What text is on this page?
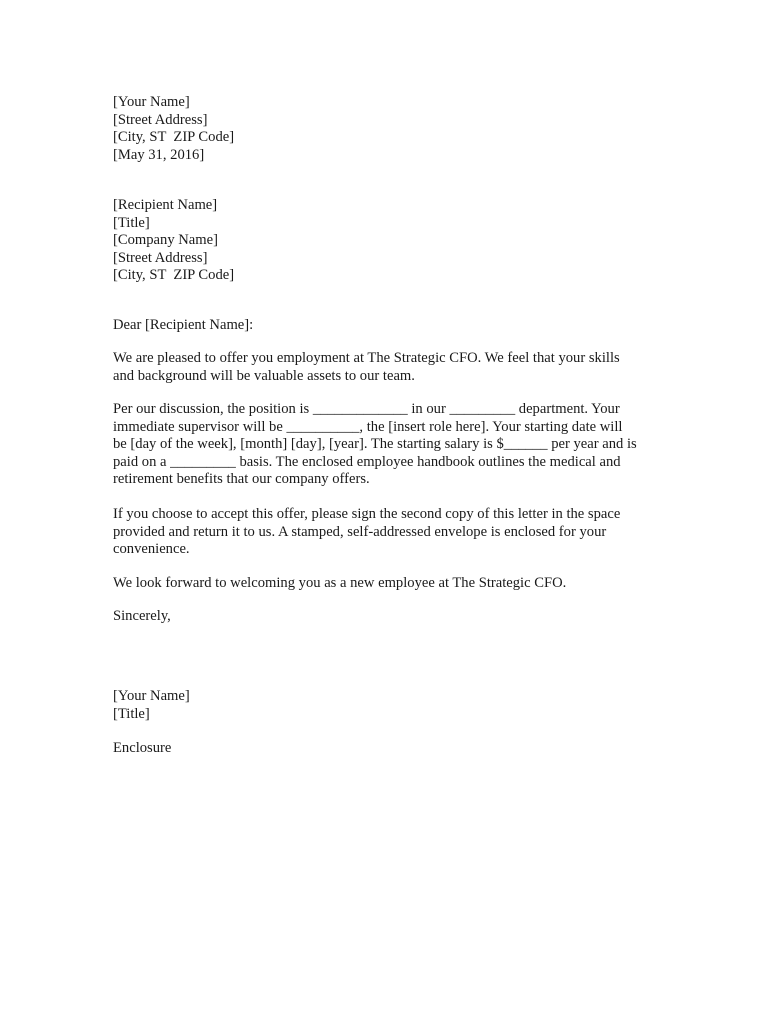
[Your Name]
[Street Address]
[City, ST  ZIP Code]
[May 31, 2016]
[Recipient Name]
[Title]
[Company Name]
[Street Address]
[City, ST  ZIP Code]

Dear [Recipient Name]:

We are pleased to offer you employment at The Strategic CFO. We feel that your skills
and background will be valuable assets to our team.

Per our discussion, the position is _____________ in our _________ department. Your
immediate supervisor will be __________, the [insert role here]. Your starting date will
be [day of the week], [month] [day], [year]. The starting salary is $______ per year and is
paid on a _________ basis. The enclosed employee handbook outlines the medical and
retirement benefits that our company offers.

If you choose to accept this offer, please sign the second copy of this letter in the space
provided and return it to us. A stamped, self-addressed envelope is enclosed for your
convenience.

We look forward to welcoming you as a new employee at The Strategic CFO.

Sincerely,

[Your Name]
[Title]

Enclosure
